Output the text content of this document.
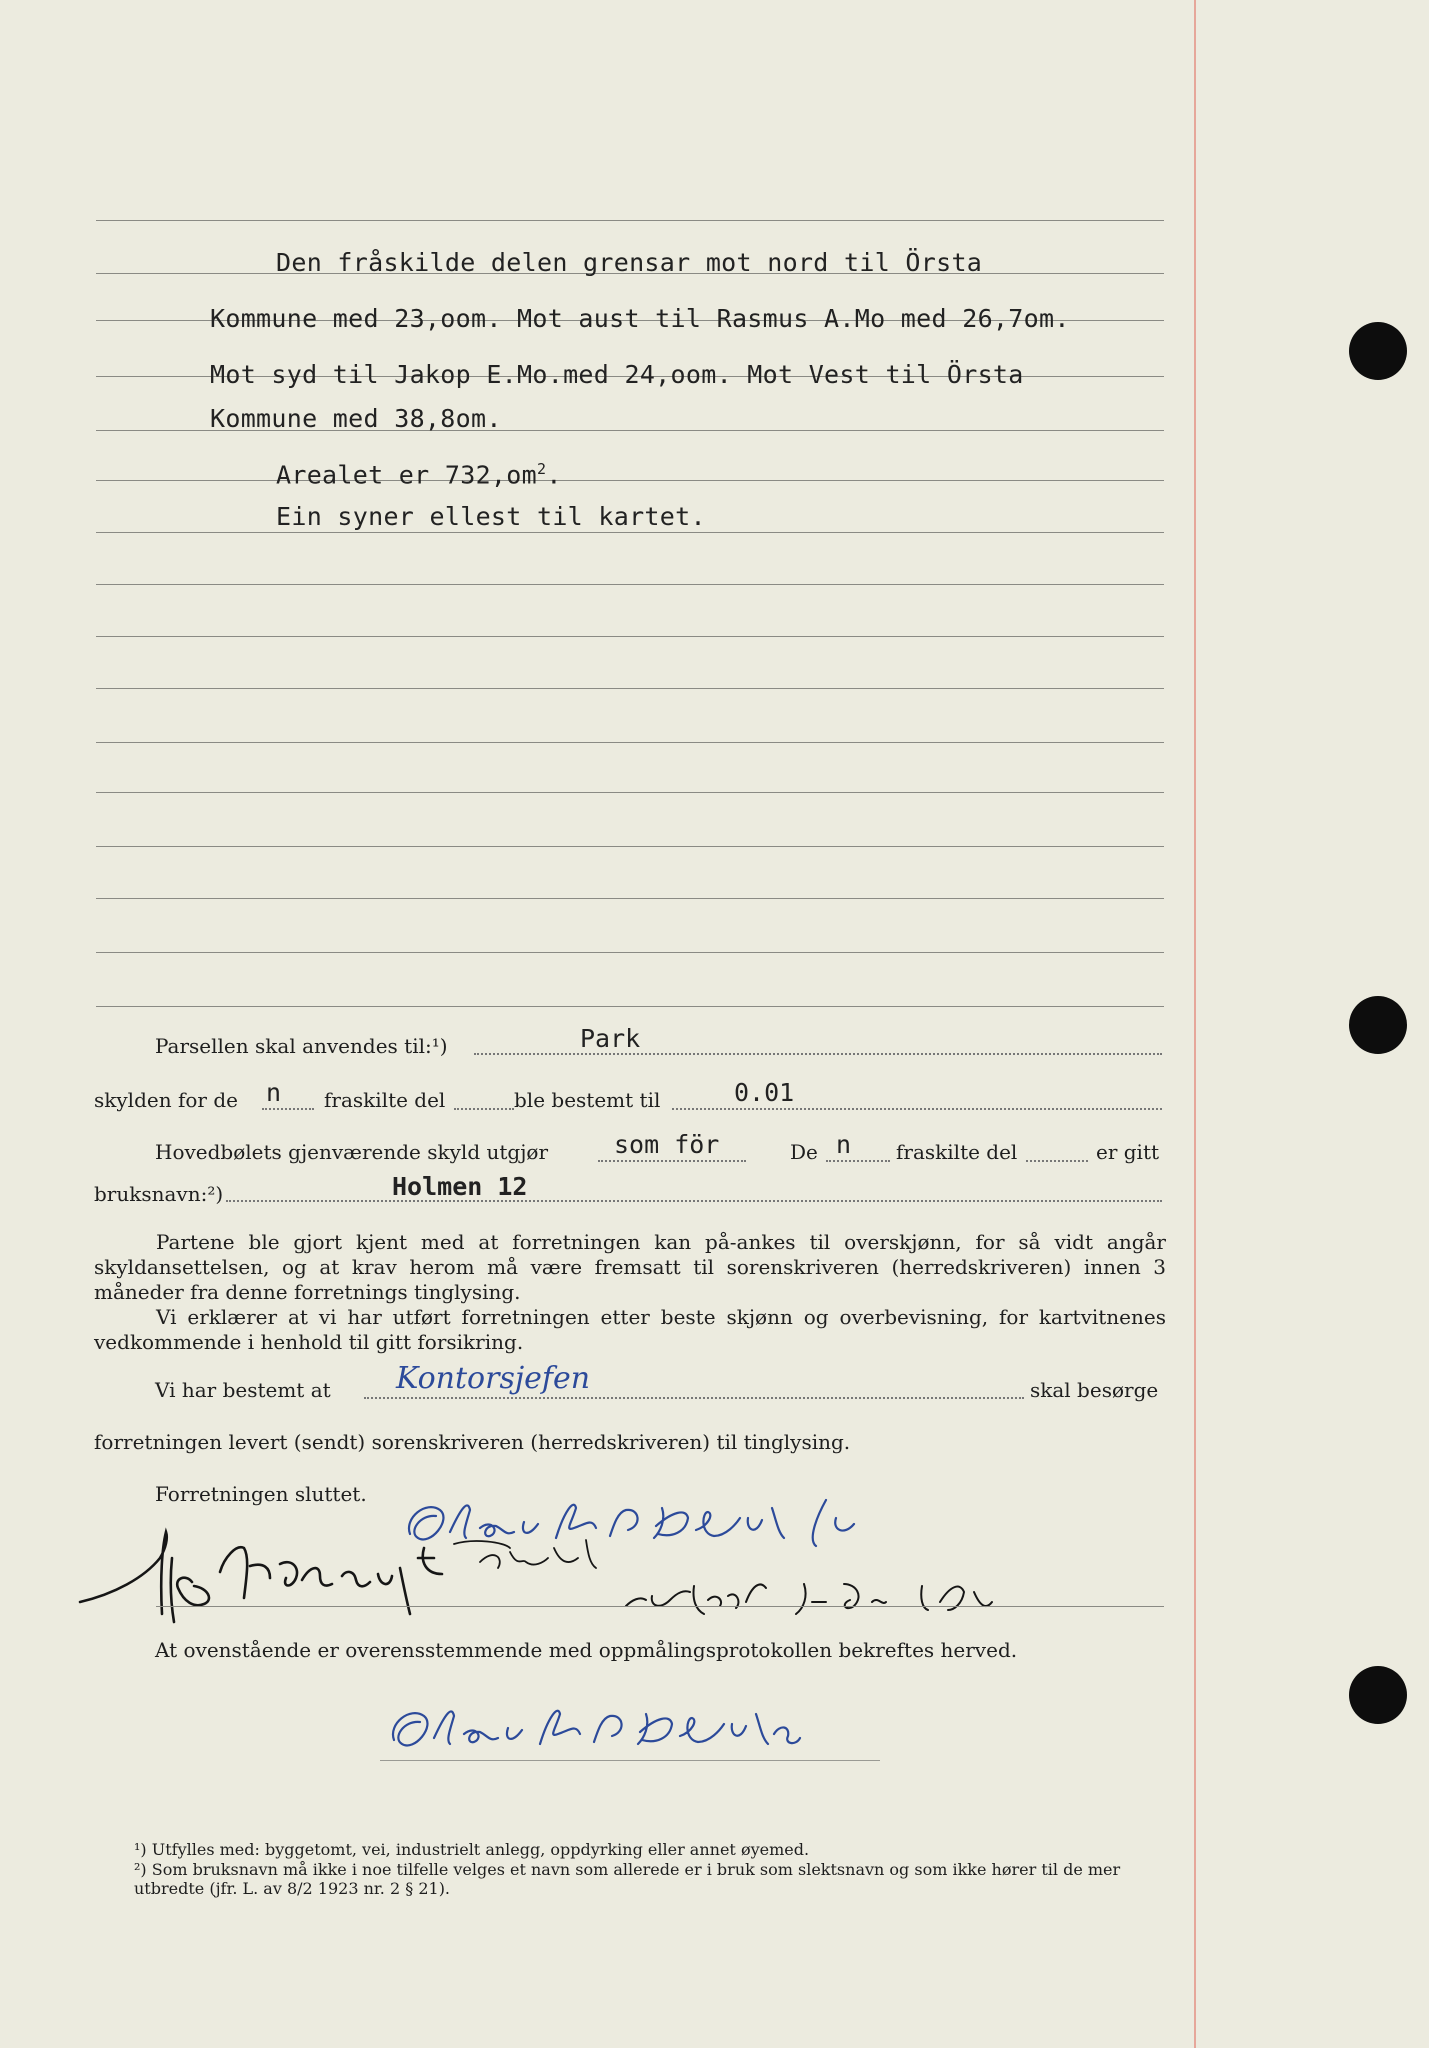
Den fråskilde delen grensar mot nord til Örsta
Kommune med 23,oom. Mot aust til Rasmus A.Mo med 26,7om.
Mot syd til Jakop E.Mo.med 24,oom. Mot Vest til Örsta
Kommune med 38,8om.
Arealet er $732,om^2$.
Ein syner ellest til kartet.
Parsellen skal anvendes til:¹)	Park
skylden for de n fraskilte del	ble bestemt til	0.01
Hovedbølets gjenværende skyld utgjør	som för	De n fraskilte del	er gitt
bruksnavn:²)	Holmen 12
Partene ble gjort kjent med at forretningen kan på-ankes til overskjønn, for så vidt angår skyldansettelsen, og at krav herom må være fremsatt til sorenskriveren (herredskriveren) innen 3 måneder fra denne forretnings tinglysing.
Vi erklærer at vi har utført forretningen etter beste skjønn og overbevisning, for kartvitnenes vedkommende i henhold til gitt forsikring.
Vi har bestemt at Kontorsjefen	skal besørge
forretningen levert (sendt) sorenskriveren (herredskriveren) til tinglysing.
Forretningen sluttet.
At ovenstående er overensstemmende med oppmålingsprotokollen bekreftes herved.
¹) Utfylles med: byggetomt, vei, industrielt anlegg, oppdyrking eller annet øyemed.
²) Som bruksnavn må ikke i noe tilfelle velges et navn som allerede er i bruk som slektsnavn og som ikke hører til de mer utbredte (jfr. L. av 8/2 1923 nr. 2 § 21).
